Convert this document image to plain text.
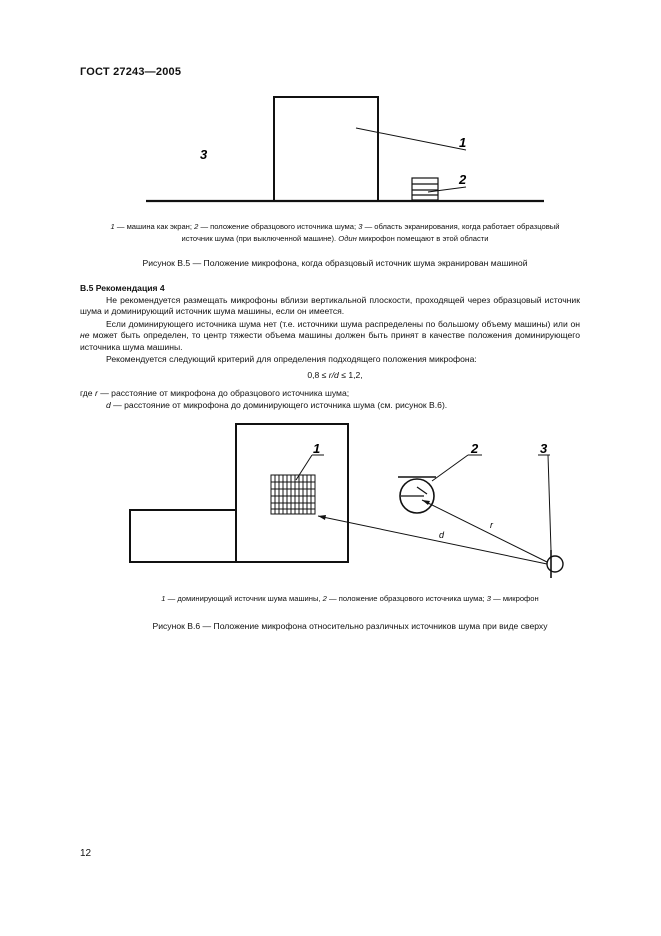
ГОСТ 27243—2005
1
2
3
1 — машина как экран; 2 — положение образцового источника шума; 3 — область экранирования, когда работает образцовый
источник шума (при выключенной машине). Один микрофон помещают в этой области
Рисунок В.5 — Положение микрофона, когда образцовый источник шума экранирован машиной
В.5 Рекомендация 4
Не рекомендуется размещать микрофоны вблизи вертикальной плоскости, проходящей через образцовый источник шума и доминирующий источник шума машины, если он имеется.
Если доминирующего источника шума нет (т.е. источники шума распределены по большому объему машины) или он не может быть определен, то центр тяжести объема машины должен быть принят в качестве положения доминирующего источника шума машины.
Рекомендуется следующий критерий для определения подходящего положения микрофона:
0,8 ≤ r/d ≤ 1,2,
где r — расстояние от микрофона до образцового источника шума;
d — расстояние от микрофона до доминирующего источника шума (см. рисунок В.6).
1	2	3
d
r
1 — доминирующий источник шума машины, 2 — положение образцового источника шума; 3 — микрофон
Рисунок В.6 — Положение микрофона относительно различных источников шума при виде сверху
12
